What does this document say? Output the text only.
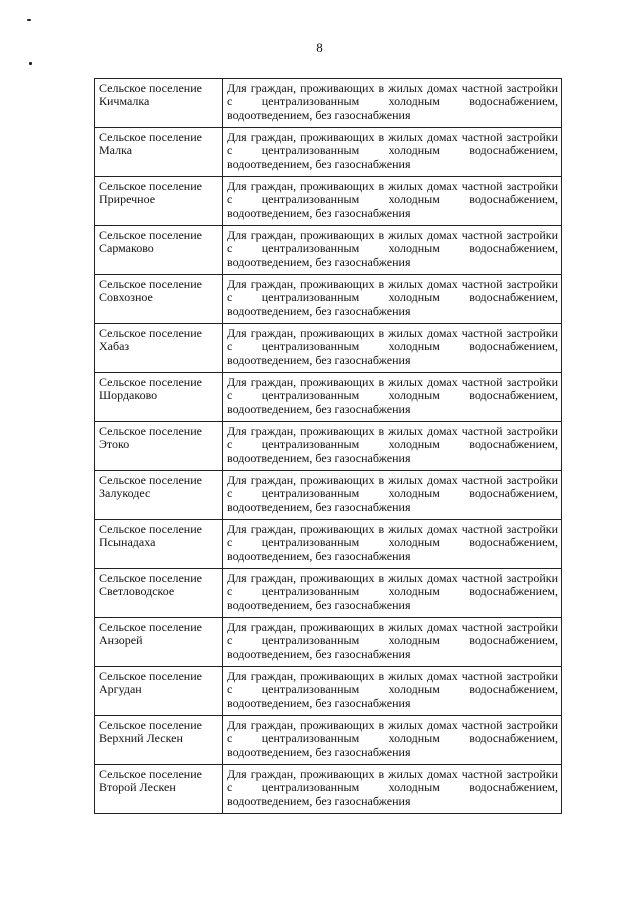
8
Сельское поселение
Кичмалка	Для граждан, проживающих в жилых домах частной застройки с централизованным холодным водоснабжением, водоотведением, без газоснабжения

Сельское поселение
Малка	Для граждан, проживающих в жилых домах частной застройки с централизованным холодным водоснабжением, водоотведением, без газоснабжения

Сельское поселение
Приречное	Для граждан, проживающих в жилых домах частной застройки с централизованным холодным водоснабжением, водоотведением, без газоснабжения

Сельское поселение
Сармаково	Для граждан, проживающих в жилых домах частной застройки с централизованным холодным водоснабжением, водоотведением, без газоснабжения

Сельское поселение
Совхозное	Для граждан, проживающих в жилых домах частной застройки с централизованным холодным водоснабжением, водоотведением, без газоснабжения

Сельское поселение
Хабаз	Для граждан, проживающих в жилых домах частной застройки с централизованным холодным водоснабжением, водоотведением, без газоснабжения

Сельское поселение
Шордаково	Для граждан, проживающих в жилых домах частной застройки с централизованным холодным водоснабжением, водоотведением, без газоснабжения

Сельское поселение
Этоко	Для граждан, проживающих в жилых домах частной застройки с централизованным холодным водоснабжением, водоотведением, без газоснабжения

Сельское поселение
Залукодес	Для граждан, проживающих в жилых домах частной застройки с централизованным холодным водоснабжением, водоотведением, без газоснабжения

Сельское поселение
Псынадаха	Для граждан, проживающих в жилых домах частной застройки с централизованным холодным водоснабжением, водоотведением, без газоснабжения

Сельское поселение
Светловодское	Для граждан, проживающих в жилых домах частной застройки с централизованным холодным водоснабжением, водоотведением, без газоснабжения

Сельское поселение
Анзорей	Для граждан, проживающих в жилых домах частной застройки с централизованным холодным водоснабжением, водоотведением, без газоснабжения

Сельское поселение
Аргудан	Для граждан, проживающих в жилых домах частной застройки с централизованным холодным водоснабжением, водоотведением, без газоснабжения

Сельское поселение
Верхний Лескен	Для граждан, проживающих в жилых домах частной застройки с централизованным холодным водоснабжением, водоотведением, без газоснабжения

Сельское поселение
Второй Лескен	Для граждан, проживающих в жилых домах частной застройки с централизованным холодным водоснабжением, водоотведением, без газоснабжения
